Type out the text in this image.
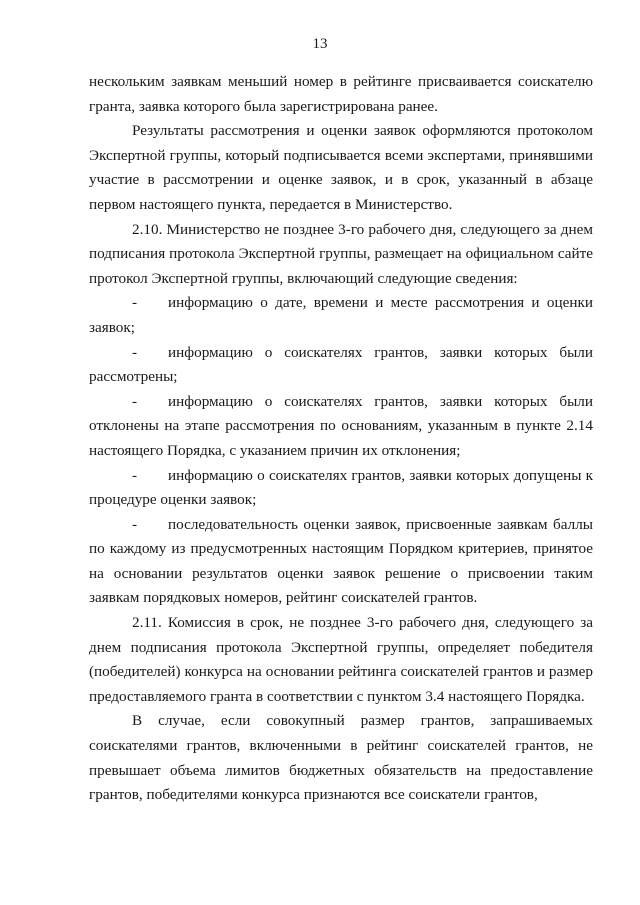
13

нескольким заявкам меньший номер в рейтинге присваивается соискателю гранта, заявка которого была зарегистрирована ранее.

Результаты рассмотрения и оценки заявок оформляются протоколом Экспертной группы, который подписывается всеми экспертами, принявшими участие в рассмотрении и оценке заявок, и в срок, указанный в абзаце первом настоящего пункта, передается в Министерство.

2.10. Министерство не позднее 3-го рабочего дня, следующего за днем подписания протокола Экспертной группы, размещает на официальном сайте протокол Экспертной группы, включающий следующие сведения:

- информацию о дате, времени и месте рассмотрения и оценки заявок;

- информацию о соискателях грантов, заявки которых были рассмотрены;

- информацию о соискателях грантов, заявки которых были отклонены на этапе рассмотрения по основаниям, указанным в пункте 2.14 настоящего Порядка, с указанием причин их отклонения;

- информацию о соискателях грантов, заявки которых допущены к процедуре оценки заявок;

- последовательность оценки заявок, присвоенные заявкам баллы по каждому из предусмотренных настоящим Порядком критериев, принятое на основании результатов оценки заявок решение о присвоении таким заявкам порядковых номеров, рейтинг соискателей грантов.

2.11. Комиссия в срок, не позднее 3-го рабочего дня, следующего за днем подписания протокола Экспертной группы, определяет победителя (победителей) конкурса на основании рейтинга соискателей грантов и размер предоставляемого гранта в соответствии с пунктом 3.4 настоящего Порядка.

В случае, если совокупный размер грантов, запрашиваемых соискателями грантов, включенными в рейтинг соискателей грантов, не превышает объема лимитов бюджетных обязательств на предоставление грантов, победителями конкурса признаются все соискатели грантов,
